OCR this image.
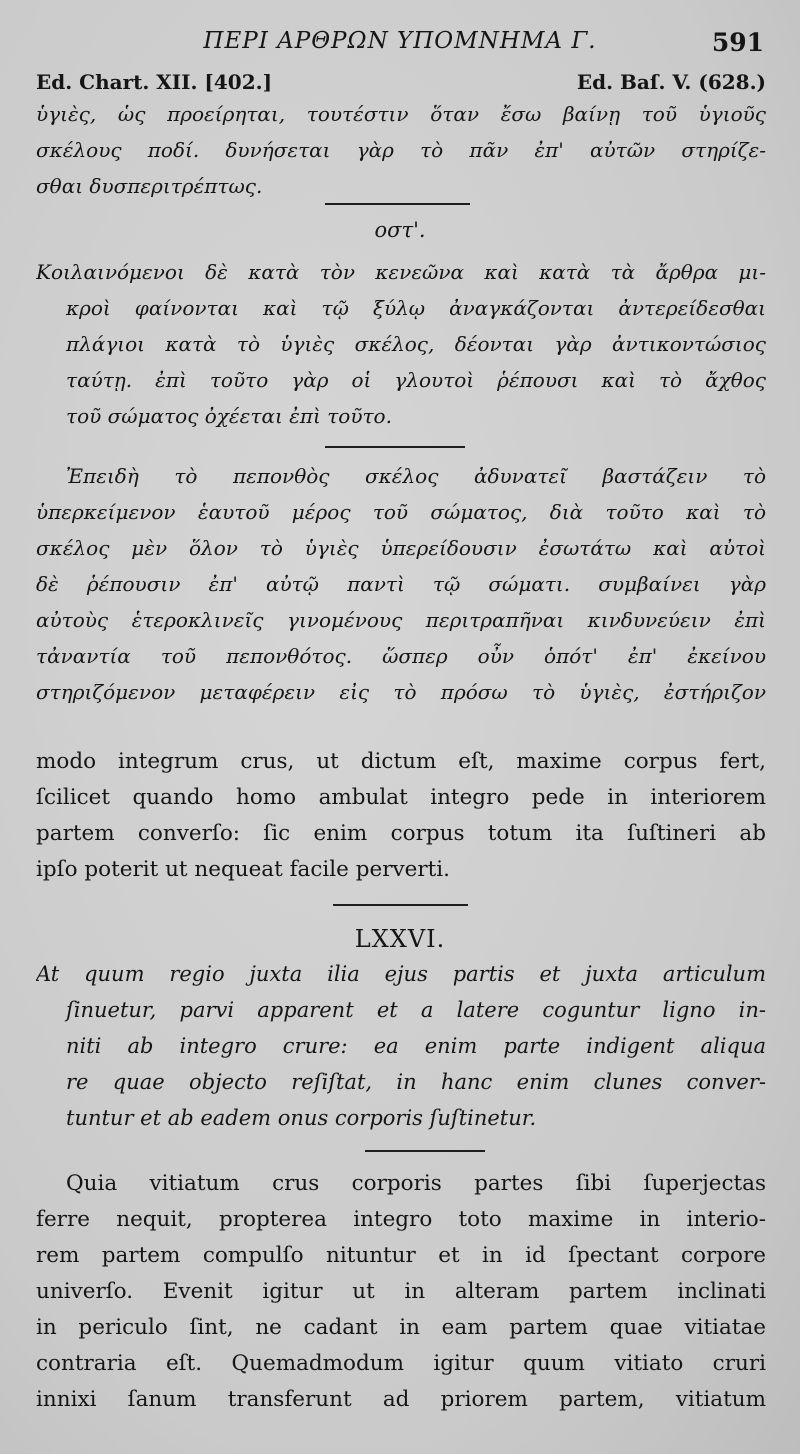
ΠΕΡΙ ΑΡΘΡΩΝ ΥΠΟΜΝΗΜΑ Γ.	591
Ed. Chart. XII. [402.]	Ed. Baſ. V. (628.)
ὑγιὲς, ὡς προείρηται, τουτέστιν ὅταν ἔσω βαίνῃ τοῦ ὑγιοῦς
σκέλους ποδί. δυνήσεται γὰρ τὸ πᾶν ἐπ' αὐτῶν στηρίζε-
σθαι δυσπεριτρέπτως.
οστ'.
Κοιλαινόμενοι δὲ κατὰ τὸν κενεῶνα καὶ κατὰ τὰ ἄρθρα μι-
κροὶ φαίνονται καὶ τῷ ξύλῳ ἀναγκάζονται ἀντερείδεσθαι
πλάγιοι κατὰ τὸ ὑγιὲς σκέλος, δέονται γὰρ ἀντικοντώσιος
ταύτῃ. ἐπὶ τοῦτο γὰρ οἱ γλουτοὶ ῥέπουσι καὶ τὸ ἄχθος
τοῦ σώματος ὀχέεται ἐπὶ τοῦτο.
Ἐπειδὴ τὸ πεπονθὸς σκέλος ἀδυνατεῖ βαστάζειν τὸ
ὑπερκείμενον ἑαυτοῦ μέρος τοῦ σώματος, διὰ τοῦτο καὶ τὸ
σκέλος μὲν ὅλον τὸ ὑγιὲς ὑπερείδουσιν ἐσωτάτω καὶ αὐτοὶ
δὲ ῥέπουσιν ἐπ' αὐτῷ παντὶ τῷ σώματι. συμβαίνει γὰρ
αὐτοὺς ἑτεροκλινεῖς γινομένους περιτραπῆναι κινδυνεύειν ἐπὶ
τἀναντία τοῦ πεπονθότος. ὥσπερ οὖν ὁπότ' ἐπ' ἐκείνου
στηριζόμενον μεταφέρειν εἰς τὸ πρόσω τὸ ὑγιὲς, ἐστήριζον
modo integrum crus, ut dictum eſt, maxime corpus fert,
ſcilicet quando homo ambulat integro pede in interiorem
partem converſo: ſic enim corpus totum ita ſuſtineri ab
ipſo poterit ut nequeat facile perverti.
LXXVI.
At quum regio juxta ilia ejus partis et juxta articulum
ſinuetur, parvi apparent et a latere coguntur ligno in-
niti ab integro crure: ea enim parte indigent aliqua
re quae objecto reſiſtat, in hanc enim clunes conver-
tuntur et ab eadem onus corporis ſuſtinetur.
Quia vitiatum crus corporis partes ſibi ſuperjectas
ferre nequit, propterea integro toto maxime in interio-
rem partem compulſo nituntur et in id ſpectant corpore
univerſo. Evenit igitur ut in alteram partem inclinati
in periculo ſint, ne cadant in eam partem quae vitiatae
contraria eſt. Quemadmodum igitur quum vitiato cruri
innixi ſanum transferunt ad priorem partem, vitiatum
